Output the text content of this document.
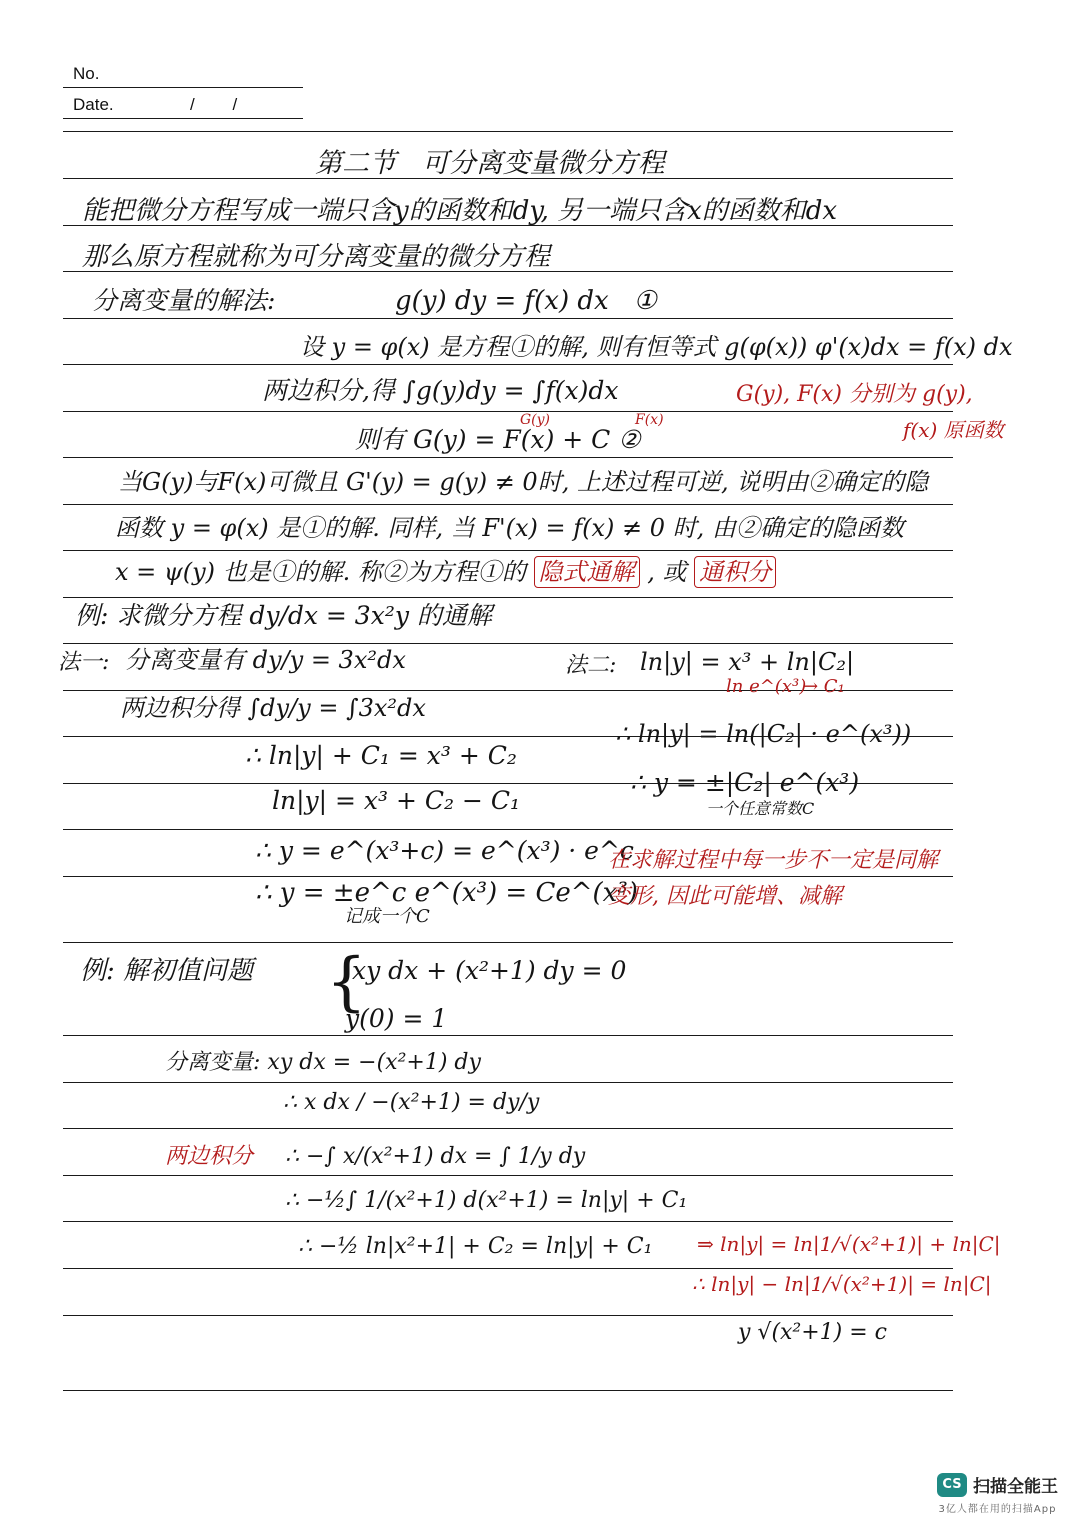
No.
Date.	/        /
第二节   可分离变量微分方程
能把微分方程写成一端只含y的函数和dy, 另一端只含x的函数和dx
那么原方程就称为可分离变量的微分方程
分离变量的解法:	g(y) dy = f(x) dx   ①
设 y = φ(x) 是方程①的解, 则有恒等式 g(φ(x)) φ'(x)dx = f(x) dx
两边积分,得 ∫g(y)dy = ∫f(x)dx	G(y), F(x) 分别为 g(y),
G(y)	F(x)	f(x) 原函数
则有 G(y) = F(x) + C ②
当G(y)与F(x)可微且 G'(y) = g(y) ≠ 0时, 上述过程可逆, 说明由②确定的隐
函数 y = φ(x) 是①的解. 同样, 当 F'(x) = f(x) ≠ 0 时, 由②确定的隐函数
x = ψ(y) 也是①的解. 称②为方程①的 隐式通解 , 或 通积分
例: 求微分方程 dy/dx = 3x²y 的通解
法一: 分离变量有 dy/y = 3x²dx
两边积分得 ∫dy/y = ∫3x²dx
∴ ln|y| + C₁ = x³ + C₂
ln|y| = x³ + C₂ − C₁
∴ y = e^(x³+c) = e^(x³) · e^c
∴ y = ±e^c e^(x³) = Ce^(x³)
记成一个C
法二: ln|y| = x³ + ln|C₂|
ln e^(x³)
→ C₁
∴ ln|y| = ln(|C₂| · e^(x³))
∴ y = ±|C₂| e^(x³)
一个任意常数C
在求解过程中每一步不一定是同解
变形, 因此可能增、减解
例: 解初值问题 {
xy dx + (x²+1) dy = 0
y(0) = 1
分离变量: xy dx = −(x²+1) dy
∴ x dx / −(x²+1) = dy/y
两边积分 ∴ −∫ x/(x²+1) dx = ∫ 1/y dy
∴ −½∫ 1/(x²+1) d(x²+1) = ln|y| + C₁
∴ −½ ln|x²+1| + C₂ = ln|y| + C₁ ⇒ ln|y| = ln|1/√(x²+1)| + ln|C|
∴ ln|y| − ln|1/√(x²+1)| = ln|C|
y √(x²+1) = c
CS 扫描全能王
3亿人都在用的扫描App
